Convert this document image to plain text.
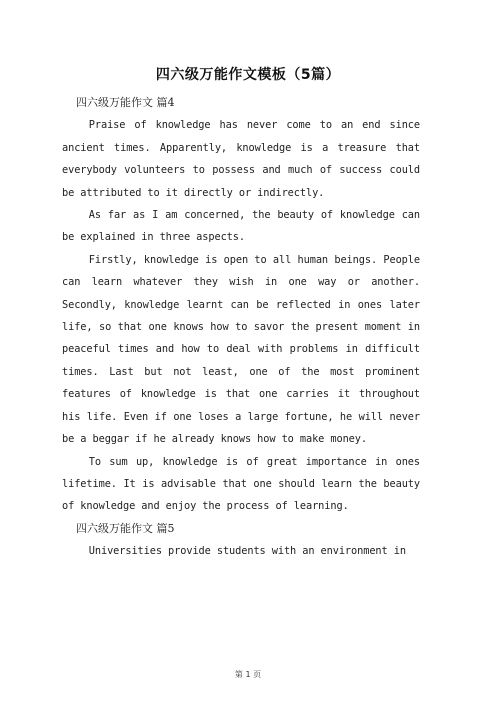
四六级万能作文模板（5篇）

四六级万能作文 篇4

Praise of knowledge has never come to an end since ancient times. Apparently, knowledge is a treasure that everybody volunteers to possess and much of success could be attributed to it directly or indirectly.

As far as I am concerned, the beauty of knowledge can be explained in three aspects.

Firstly, knowledge is open to all human beings. People can learn whatever they wish in one way or another. Secondly, knowledge learnt can be reflected in ones later life, so that one knows how to savor the present moment in peaceful times and how to deal with problems in difficult times. Last but not least, one of the most prominent features of knowledge is that one carries it throughout his life. Even if one loses a large fortune, he will never be a beggar if he already knows how to make money.

To sum up, knowledge is of great importance in ones lifetime. It is advisable that one should learn the beauty of knowledge and enjoy the process of learning.

四六级万能作文 篇5

Universities provide students with an environment in

第 1 页
